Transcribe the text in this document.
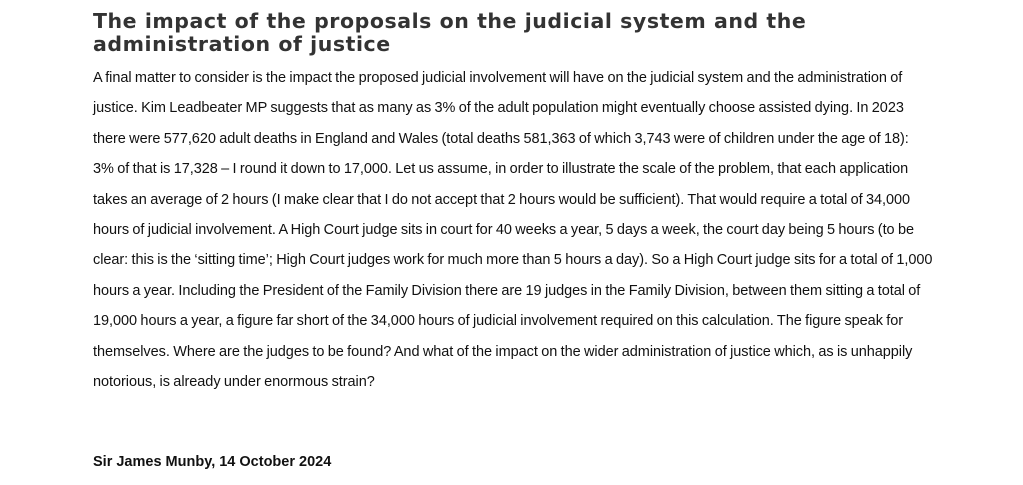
The impact of the proposals on the judicial system and the administration of justice

A final matter to consider is the impact the proposed judicial involvement will have on the judicial system and the administration of justice. Kim Leadbeater MP suggests that as many as 3% of the adult population might eventually choose assisted dying. In 2023 there were 577,620 adult deaths in England and Wales (total deaths 581,363 of which 3,743 were of children under the age of 18): 3% of that is 17,328 – I round it down to 17,000. Let us assume, in order to illustrate the scale of the problem, that each application takes an average of 2 hours (I make clear that I do not accept that 2 hours would be sufficient). That would require a total of 34,000 hours of judicial involvement. A High Court judge sits in court for 40 weeks a year, 5 days a week, the court day being 5 hours (to be clear: this is the ‘sitting time’; High Court judges work for much more than 5 hours a day). So a High Court judge sits for a total of 1,000 hours a year. Including the President of the Family Division there are 19 judges in the Family Division, between them sitting a total of 19,000 hours a year, a figure far short of the 34,000 hours of judicial involvement required on this calculation. The figure speak for themselves. Where are the judges to be found? And what of the impact on the wider administration of justice which, as is unhappily notorious, is already under enormous strain?

Sir James Munby, 14 October 2024
